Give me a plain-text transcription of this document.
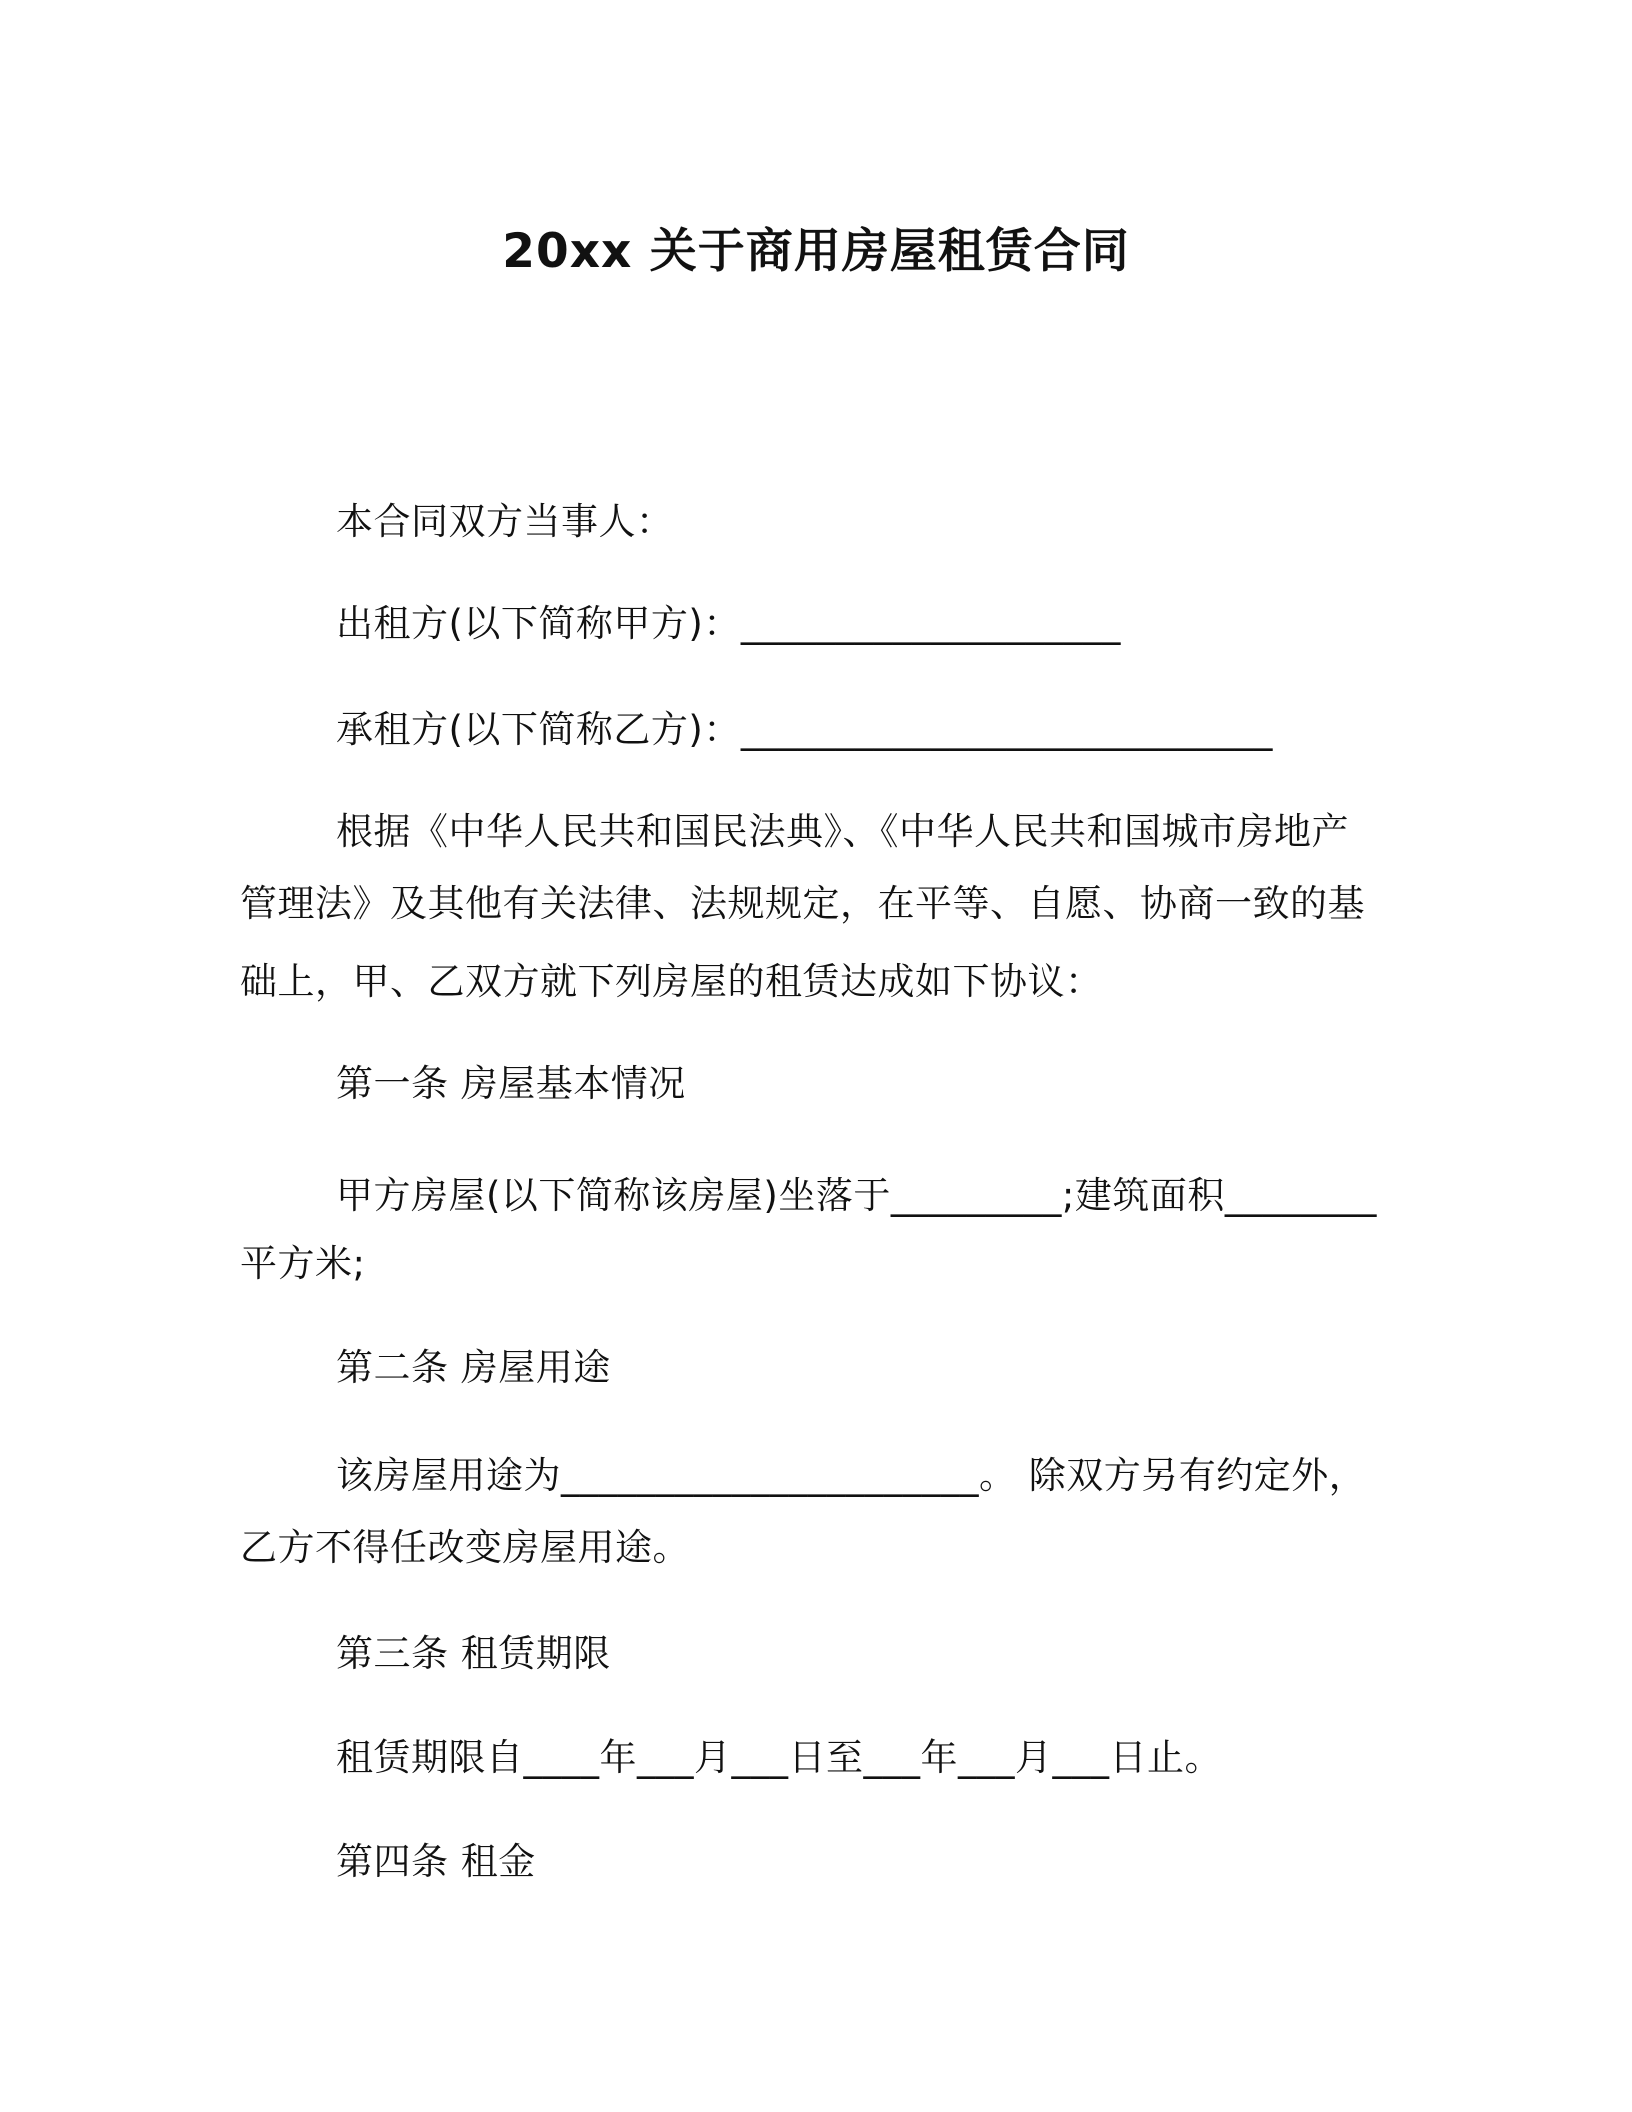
20xx 关于商用房屋租赁合同
本合同双方当事人：
出租方(以下简称甲方)：____________________
承租方(以下简称乙方)：____________________________
根据《中华人民共和国民法典》、《中华人民共和国城市房地产
管理法》及其他有关法律、法规规定，在平等、自愿、协商一致的基
础上，甲、乙双方就下列房屋的租赁达成如下协议：
第一条 房屋基本情况
甲方房屋(以下简称该房屋)坐落于_________;建筑面积________
平方米;
第二条 房屋用途
该房屋用途为______________________。 除双方另有约定外，
乙方不得任改变房屋用途。
第三条 租赁期限
租赁期限自____年___月___日至___年___月___日止。
第四条 租金
